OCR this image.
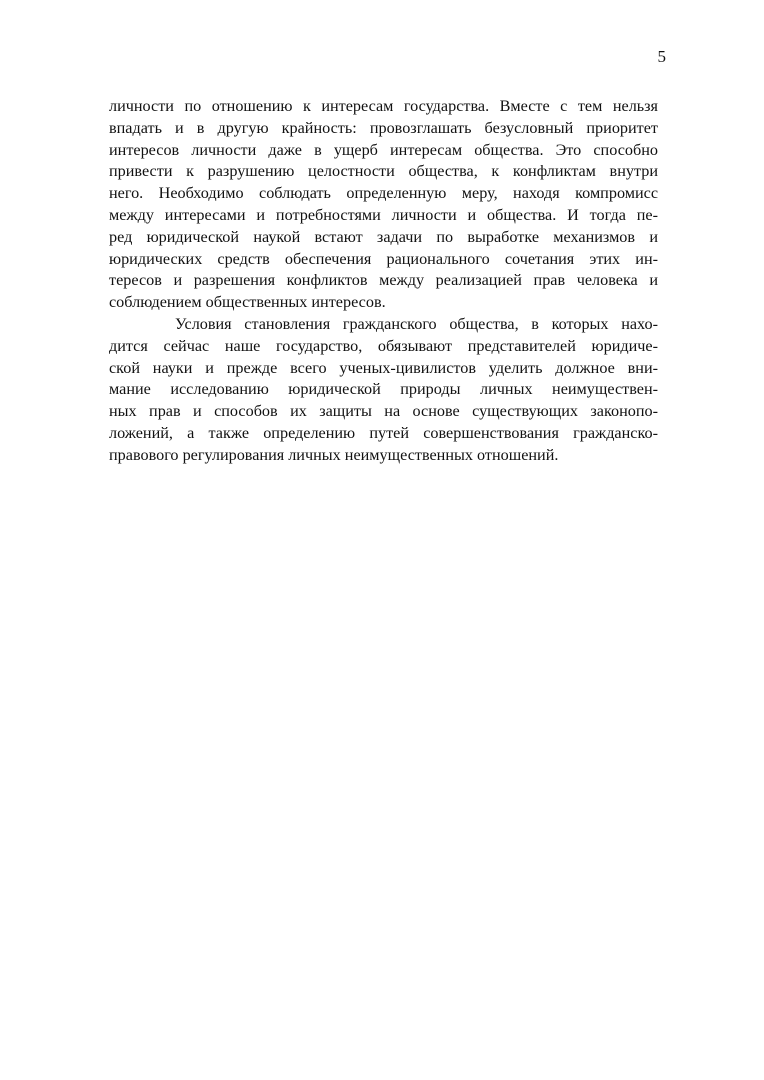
5
личности по отношению к интересам государства. Вместе с тем нельзя
впадать и в другую крайность: провозглашать безусловный приоритет
интересов личности даже в ущерб интересам общества. Это способно
привести к разрушению целостности общества, к конфликтам внутри
него. Необходимо соблюдать определенную меру, находя компромисс
между интересами и потребностями личности и общества. И тогда пе-
ред юридической наукой встают задачи по выработке механизмов и
юридических средств обеспечения рационального сочетания этих ин-
тересов и разрешения конфликтов между реализацией прав человека и
соблюдением общественных интересов.
Условия становления гражданского общества, в которых нахо-
дится сейчас наше государство, обязывают представителей юридиче-
ской науки и прежде всего ученых-цивилистов уделить должное вни-
мание исследованию юридической природы личных неимуществен-
ных прав и способов их защиты на основе существующих законопо-
ложений, а также определению путей совершенствования гражданско-
правового регулирования личных неимущественных отношений.
